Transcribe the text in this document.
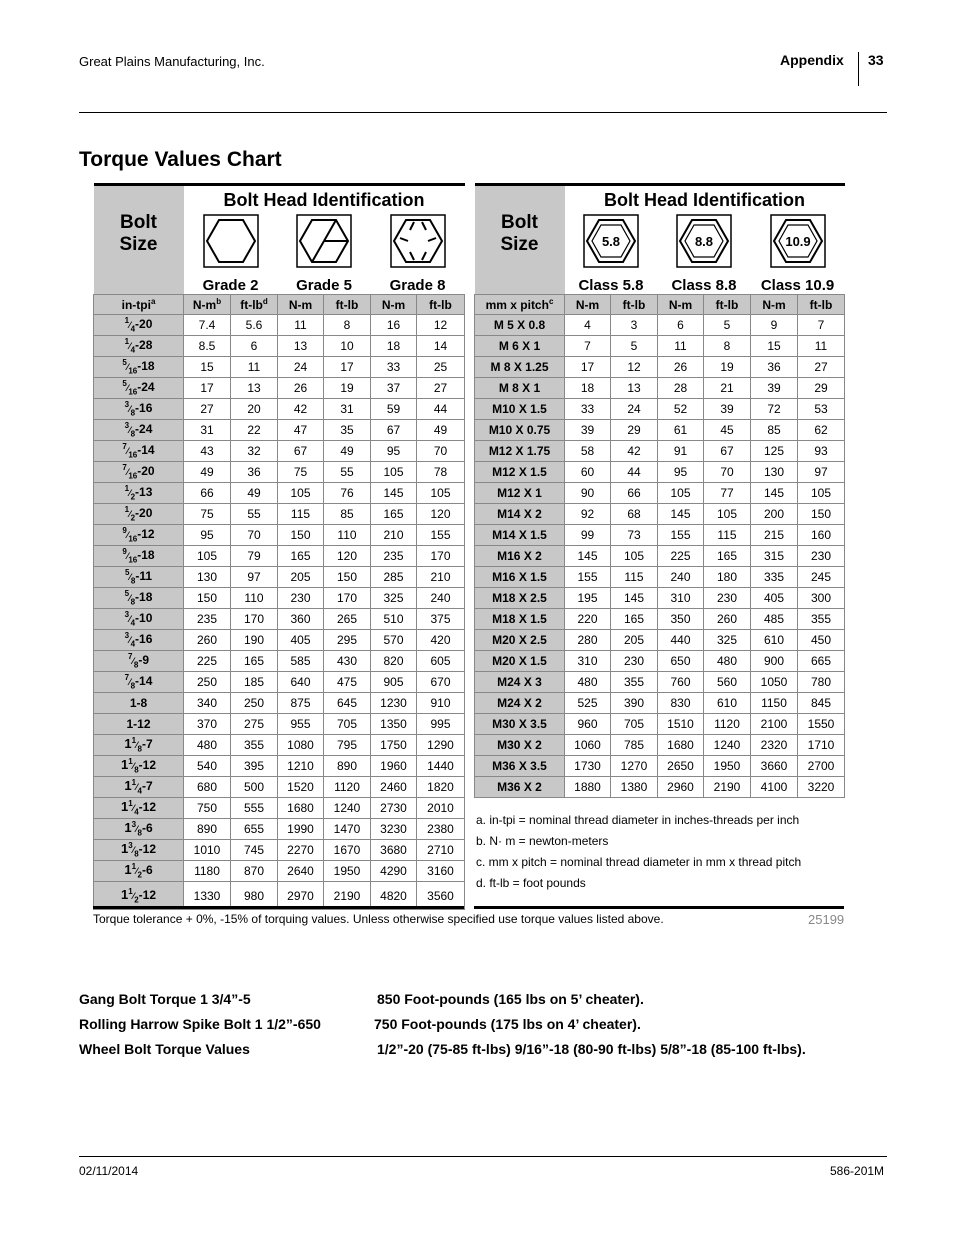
Great Plains Manufacturing, Inc.	Appendix 33
Torque Values Chart
Bolt
Size	Bolt Head Identification					

	Grade 2		Grade 5		Grade 8	
in-tpi$^a$	$N-m^b$	$ft-lb^d$	N-m	ft-lb	N-m	ft-lb
$^1⁄_4-20$	7.4	5.6	11	8	16	12
$^1⁄_4-28$	8.5	6	13	10	18	14
$^5⁄_{16}-18$	15	11	24	17	33	25
$^5⁄_{16}-24$	17	13	26	19	37	27
$^3⁄_8-16$	27	20	42	31	59	44
$^3⁄_8-24$	31	22	47	35	67	49
$^7⁄_{16}-14$	43	32	67	49	95	70
$^7⁄_{16}-20$	49	36	75	55	105	78
$^1⁄_2-13$	66	49	105	76	145	105
$^1⁄_2-20$	75	55	115	85	165	120
$^9⁄_{16}-12$	95	70	150	110	210	155
$^9⁄_{16}-18$	105	79	165	120	235	170
$^5⁄_8-11$	130	97	205	150	285	210
$^5⁄_8-18$	150	110	230	170	325	240
$^3⁄_4-10$	235	170	360	265	510	375
$^3⁄_4-16$	260	190	405	295	570	420
$^7⁄_8-9$	225	165	585	430	820	605
$^7⁄_8-14$	250	185	640	475	905	670
1-8	340	250	875	645	1230	910
1-12	370	275	955	705	1350	995
$1^1⁄_8-7$	480	355	1080	795	1750	1290
$1^1⁄_8-12$	540	395	1210	890	1960	1440
$1^1⁄_4-7$	680	500	1520	1120	2460	1820
$1^1⁄_4-12$	750	555	1680	1240	2730	2010
$1^3⁄_8-6$	890	655	1990	1470	3230	2380
$1^3⁄_8-12$	1010	745	2270	1670	3680	2710
$1^1⁄_2-6$	1180	870	2640	1950	4290	3160
$1^1⁄_2-12$	1330	980	2970	2190	4820	3560
Bolt
Size	Bolt Head Identification					

5.8		8.8		10.9	

	Class 5.8		Class 8.8		Class 10.9	
mm x pitch$^c$	N-m	ft-lb	N-m	ft-lb	N-m	ft-lb
M 5 X 0.8	4	3	6	5	9	7
M 6 X 1	7	5	11	8	15	11
M 8 X 1.25	17	12	26	19	36	27
M 8 X 1	18	13	28	21	39	29
M10 X 1.5	33	24	52	39	72	53
M10 X 0.75	39	29	61	45	85	62
M12 X 1.75	58	42	91	67	125	93
M12 X 1.5	60	44	95	70	130	97
M12 X 1	90	66	105	77	145	105
M14 X 2	92	68	145	105	200	150
M14 X 1.5	99	73	155	115	215	160
M16 X 2	145	105	225	165	315	230
M16 X 1.5	155	115	240	180	335	245
M18 X 2.5	195	145	310	230	405	300
M18 X 1.5	220	165	350	260	485	355
M20 X 2.5	280	205	440	325	610	450
M20 X 1.5	310	230	650	480	900	665
M24 X 3	480	355	760	560	1050	780
M24 X 2	525	390	830	610	1150	845
M30 X 3.5	960	705	1510	1120	2100	1550
M30 X 2	1060	785	1680	1240	2320	1710
M36 X 3.5	1730	1270	2650	1950	3660	2700
M36 X 2	1880	1380	2960	2190	4100	3220
a. in-tpi = nominal thread diameter in inches-threads per inch
b. N· m = newton-meters
c. mm x pitch = nominal thread diameter in mm x thread pitch
d. ft-lb = foot pounds
Torque tolerance + 0%, -15% of torquing values. Unless otherwise specified use torque values listed above.	25199
Gang Bolt Torque 1 3/4”-5	850 Foot-pounds (165 lbs on 5’ cheater).
Rolling Harrow Spike Bolt 1 1/2”-650	750 Foot-pounds (175 lbs on 4’ cheater).
Wheel Bolt Torque Values	1/2”-20 (75-85 ft-lbs) 9/16”-18 (80-90 ft-lbs) 5/8”-18 (85-100 ft-lbs).
02/11/2014	586-201M
